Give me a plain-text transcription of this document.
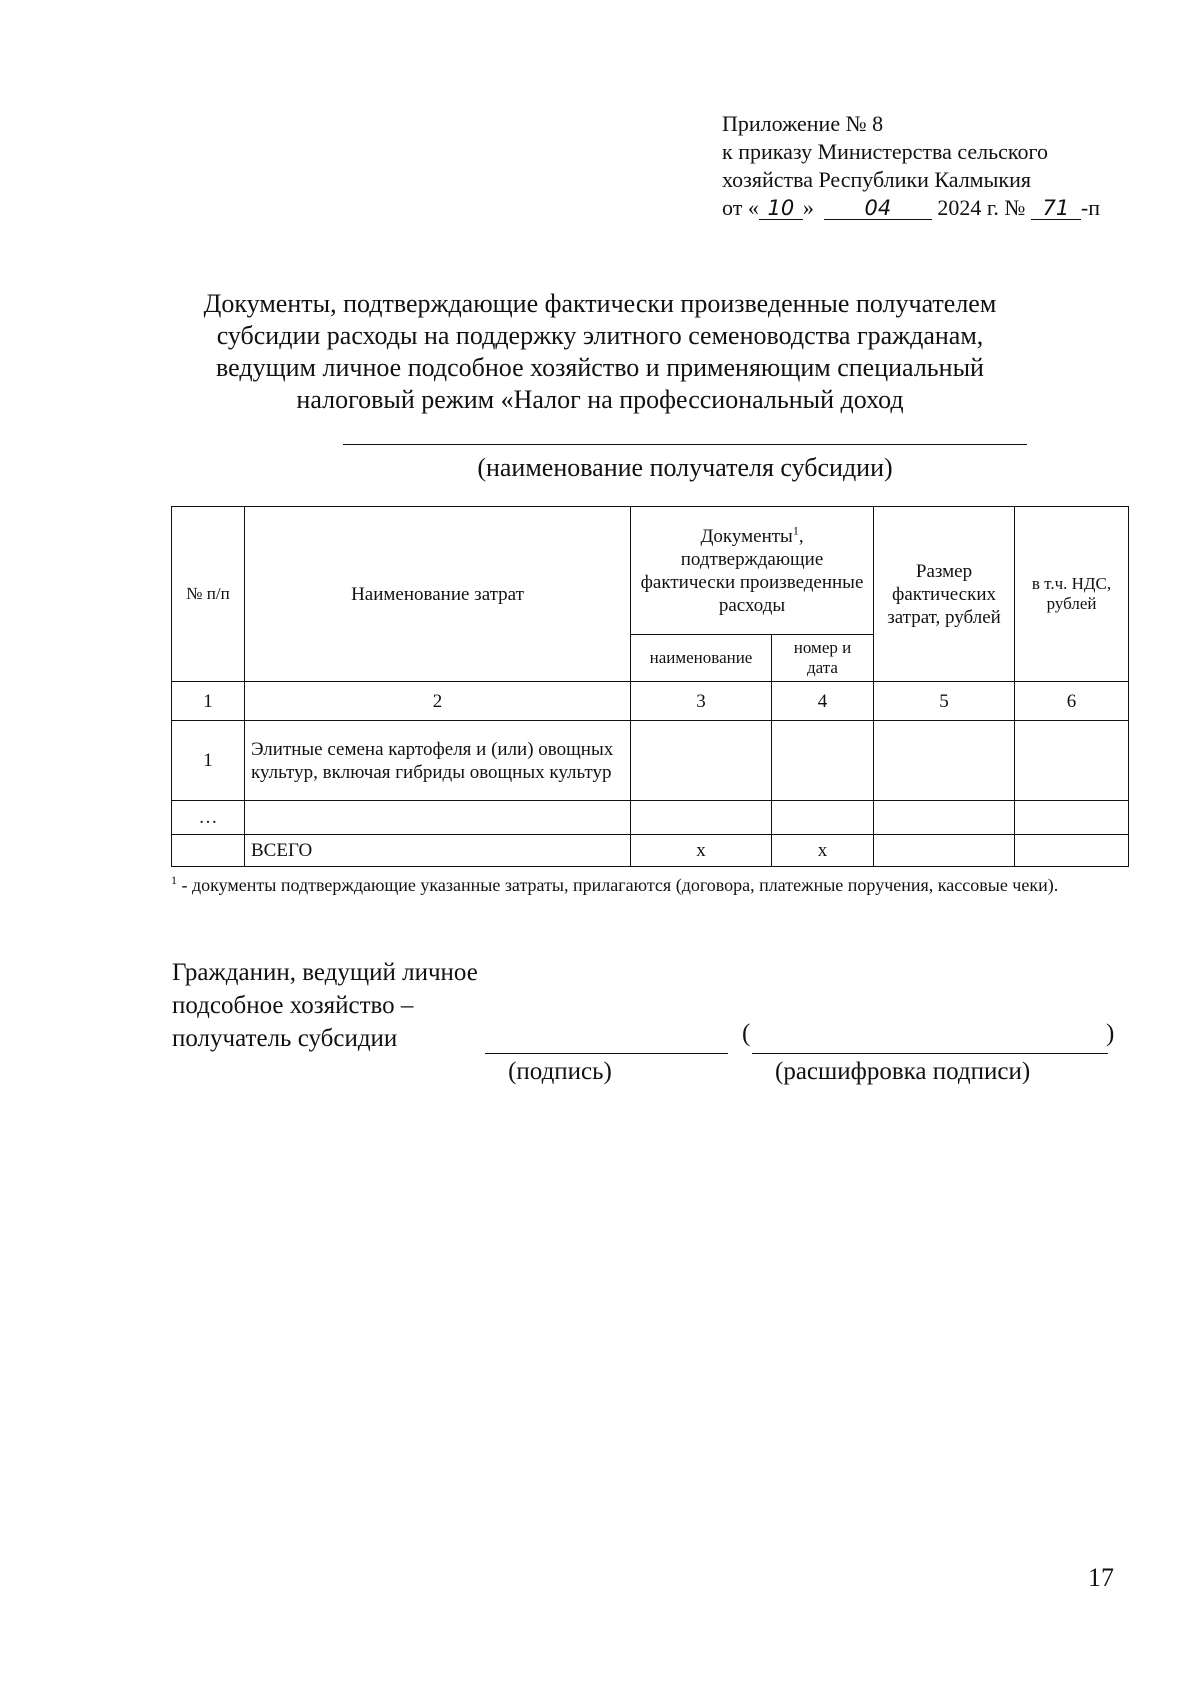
Приложение № 8
к приказу Министерства сельского
хозяйства Республики Калмыкия
от « 10 » 04 2024 г. № 71 -п
Документы, подтверждающие фактически произведенные получателем
субсидии расходы на поддержку элитного семеноводства гражданам,
ведущим личное подсобное хозяйство и применяющим специальный
налоговый режим «Налог на профессиональный доход
(наименование получателя субсидии)
№ п/п	Наименование затрат	Документы$^1$, подтверждающие фактически произведенные расходы		Размер фактических затрат, рублей	в т.ч. НДС, рублей
		наименование	номер и дата		
1	2	3	4	5	6
1	Элитные семена картофеля и (или) овощных культур, включая гибриды овощных культур				
…					
	ВСЕГО	x	x		
$^1$ - документы подтверждающие указанные затраты, прилагаются (договора, платежные поручения, кассовые чеки).
Гражданин, ведущий личное
подсобное хозяйство –
получатель субсидии	(	)
(подпись)	(расшифровка подписи)
17
